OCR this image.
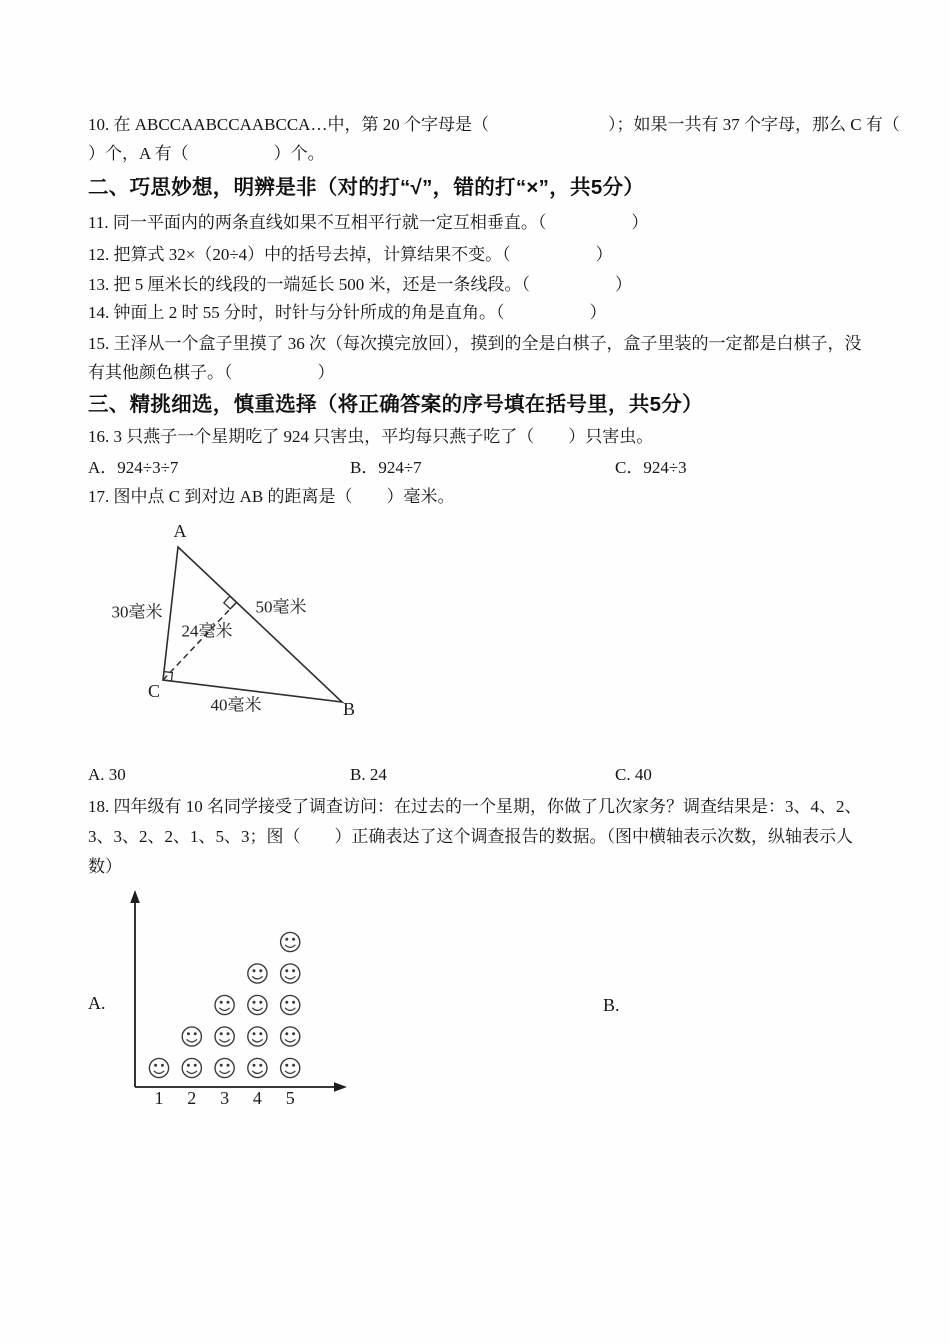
10. 在 ABCCAABCCAABCCA…中，第 20 个字母是（　　　　　　　）；如果一共有 37 个字母，那么 C 有（
）个，A 有（　　　　　）个。
二、巧思妙想，明辨是非（对的打“√”，错的打“×”，共5分）
11. 同一平面内的两条直线如果不互相平行就一定互相垂直。（　　　　　）
12. 把算式 32×（20÷4）中的括号去掉，计算结果不变。（　　　　　）
13. 把 5 厘米长的线段的一端延长 500 米，还是一条线段。（　　　　　）
14. 钟面上 2 时 55 分时，时针与分针所成的角是直角。（　　　　　）
15. 王泽从一个盒子里摸了 36 次（每次摸完放回），摸到的全是白棋子，盒子里装的一定都是白棋子，没
有其他颜色棋子。（　　　　　）
三、精挑细选，慎重选择（将正确答案的序号填在括号里，共5分）
16. 3 只燕子一个星期吃了 924 只害虫，平均每只燕子吃了（　　）只害虫。
A．924÷3÷7	B．924÷7	C．924÷3
17. 图中点 C 到对边 AB 的距离是（　　）毫米。
A
B
C
30毫米	50毫米
24毫米
40毫米
A. 30	B. 24	C. 40
18. 四年级有 10 名同学接受了调查访问：在过去的一个星期，你做了几次家务？调查结果是：3、4、2、
3、3、2、2、1、5、3；图（　　）正确表达了这个调查报告的数据。（图中横轴表示次数，纵轴表示人
数）
A.	B.
1 2 3 4 5
